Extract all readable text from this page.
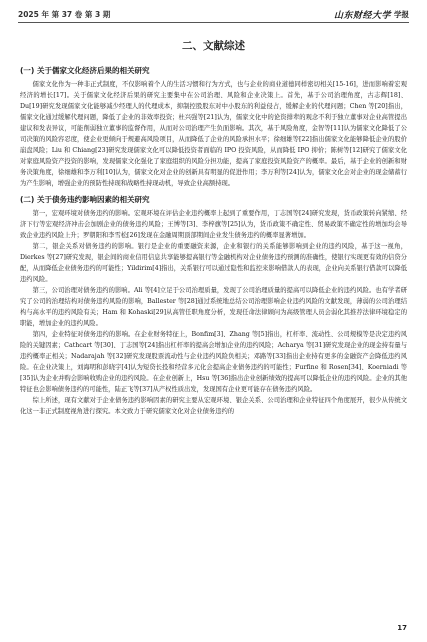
2025 年 第 37 卷 第 3 期	山东财经大学 学报
二、文献综述
(一) 关于儒家文化经济后果的相关研究

儒家文化作为一种非正式制度，不仅影响着个人的生活习惯和行为方式，也与企业的商业道德同样密切相关[15-16]，进而影响着宏观经济的增长[17]。关于儒家文化经济后果的研究主要集中在公司治理、风险和企业决策上。首先，基于公司治理角度，古志辉[18]、Du[19]研究发现儒家文化能够减少经理人的代理成本，抑制控股股东对中小股东的利益侵占，缓解企业的代理问题；Chen 等[20]指出，儒家文化通过缓解代理问题，降低了企业的非效率投资；杜兴强等[21]认为，儒家文化中的论资排辈的观念不利于独立董事对企业高管提出建议和发表异议，可能削弱独立董事的监督作用，从而对公司治理产生负面影响。其次，基于风险角度，金智等[11]认为儒家文化降低了公司决策的风险容忍度，使企业更倾向于规避高风险项目，从而降低了企业的风险承担水平；徐细雄等[22]指出儒家文化能够降低企业的股价崩盘风险；Liu 和 Chiang[23]研究发现儒家文化可以降低投资者面临的 IPO 投资风险，从而降低 IPO 抑价；陈树等[12]研究了儒家文化对家庭风险资产投资的影响，发现儒家文化强化了家庭组织的风险分担功能，提高了家庭投资风险资产的概率。最后，基于企业的创新和财务决策角度，徐细雄和李万利[10]认为，儒家文化对企业的创新具有明显的促进作用；李万利等[24]认为，儒家文化会对企业的现金储蓄行为产生影响，增强企业的预防性持现和战略性持现动机，导致企业高额持现。

(二) 关于债务违约影响因素的相关研究

第一，宏观环境对债务违约的影响。宏观环境在评估企业违约概率上起到了重要作用，丁志国等[24]研究发现，货币政策转向紧缩、经济下行等宏观经济冲击会加剧企业的债务违约风险；王博等[3]、李梓旗等[25]认为，货币政策不确定性、贸易政策不确定性的增加均会导致企业违约风险上升；罗朝阳和李雪松[26]发现在金融周期顶部期间企业发生债务违约的概率显著增加。

第二，银企关系对债务违约的影响。银行是企业的重要融资来源，企业和银行的关系能够影响到企业的违约风险，基于这一视角，Dierkes 等[27]研究发现，银企间的商业信用信息共享能够提高银行等金融机构对企业债务违约预测的准确性，使银行实现更有效的信贷分配，从而降低企业债务违约的可能性；Yildirim[4]指出，关系银行可以通过隐性和监控来影响借款人的表现，企业向关系银行借款可以降低违约风险。

第三，公司治理对债务违约的影响。Ali 等[4]立足于公司治理质量，发现了公司治理质量的提高可以降低企业的违约风险。也有学者研究了公司的治理结构对债务违约风险的影响，Ballester 等[28]通过系统地总结公司治理影响企业违约风险的文献发现，薄弱的公司治理结构与高水平的违约风险有关；Ham 和 Kohaski[29]从高管任职角度分析，发现任命法律顾问为高级管理人员会弱化其推荐法律环境稳定的职能，增加企业的违约风险。

第四，企业特征对债务违约的影响。在企业财务特征上，Bonfim[3]、Zhang 等[5]指出，杠杆率、流动性、公司规模等是决定违约风险的关键因素；Cathcart 等[30]、丁志国等[24]指出杠杆率的提高会增加企业的违约风险；Acharya 等[31]研究发现企业的现金持有量与违约概率正相关；Nadarajah 等[32]研究发现股票流动性与企业违约风险负相关；邓路等[33]指出企业持有更多的金融资产会降低违约风险。在企业决策上，刘海明和彭晓宇[4]认为短贷长投和经营多元化会提高企业债务违约的可能性；Furfine 和 Rosen[34]、Koerniadi 等[35]认为企业并购会影响收购企业的违约风险。在企业创新上，Hsu 等[36]指出企业创新绩效的提高可以降低企业的违约风险。企业的其他特征也会影响债务违约的可能性，陆正飞等[37]从产权性质出发，发现国有企业更可能存在债务违约风险。

综上所述，现有文献对于企业债务违约影响因素的研究主要从宏观环境、银企关系、公司治理和企业特征四个角度展开，很少从传统文化这一非正式制度视角进行探究。本文致力于研究儒家文化对企业债务违约的

17
